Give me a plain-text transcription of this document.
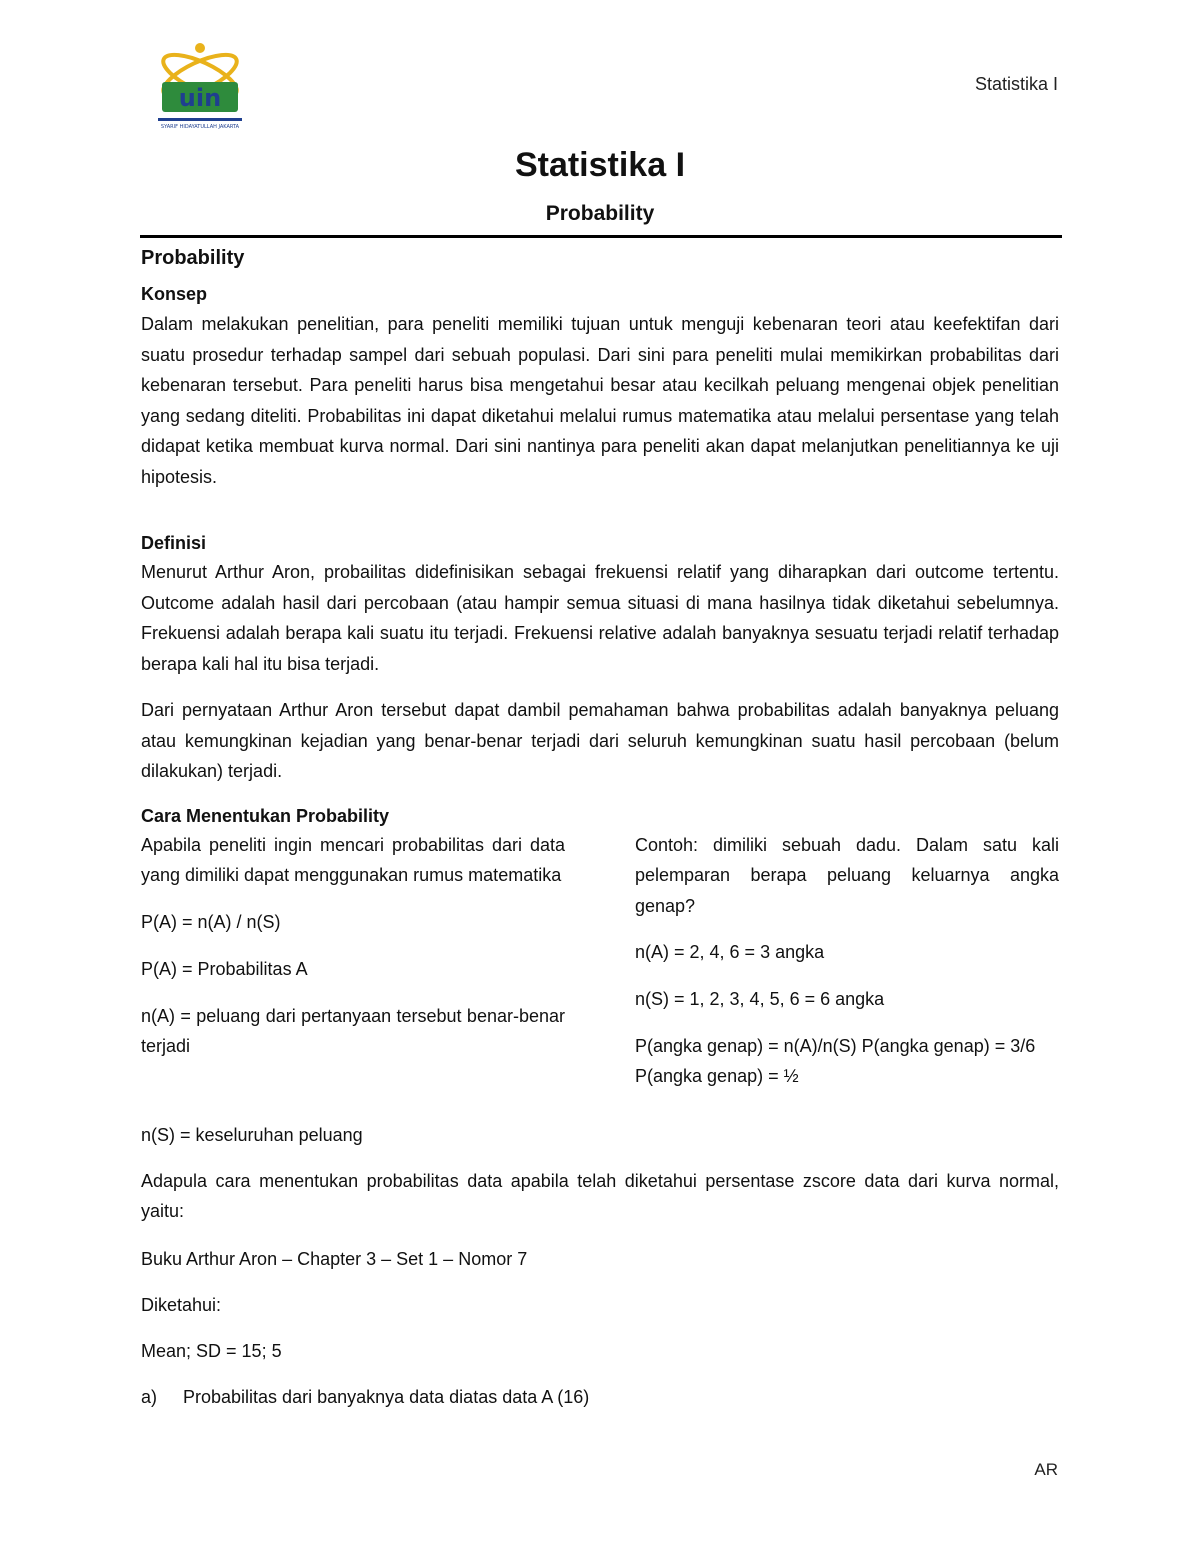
uin
SYARIF HIDAYATULLAH JAKARTA
Statistika I
Statistika I
Probability

Probability

Konsep

Dalam melakukan penelitian, para peneliti memiliki tujuan untuk menguji kebenaran teori atau keefektifan dari suatu prosedur terhadap sampel dari sebuah populasi. Dari sini para peneliti mulai memikirkan probabilitas dari kebenaran tersebut. Para peneliti harus bisa mengetahui besar atau kecilkah peluang mengenai objek penelitian yang sedang diteliti. Probabilitas ini dapat diketahui melalui rumus matematika atau melalui persentase yang telah didapat ketika membuat kurva normal. Dari sini nantinya para peneliti akan dapat melanjutkan penelitiannya ke uji hipotesis.

Definisi

Menurut Arthur Aron, probailitas didefinisikan sebagai frekuensi relatif yang diharapkan dari outcome tertentu. Outcome adalah hasil dari percobaan (atau hampir semua situasi di mana hasilnya tidak diketahui sebelumnya. Frekuensi adalah berapa kali suatu itu terjadi. Frekuensi relative adalah banyaknya sesuatu terjadi relatif terhadap berapa kali hal itu bisa terjadi.

Dari pernyataan Arthur Aron tersebut dapat dambil pemahaman bahwa probabilitas adalah banyaknya peluang atau kemungkinan kejadian yang benar-benar terjadi dari seluruh kemungkinan suatu hasil percobaan (belum dilakukan) terjadi.

Cara Menentukan Probability

Apabila peneliti ingin mencari probabilitas dari data yang dimiliki dapat menggunakan rumus matematika

P(A) = n(A) / n(S)

P(A) = Probabilitas A

n(A) = peluang dari pertanyaan tersebut benar-benar terjadi

Contoh: dimiliki sebuah dadu. Dalam satu kali pelemparan berapa peluang keluarnya angka genap?

n(A) = 2, 4, 6 = 3 angka

n(S) = 1, 2, 3, 4, 5, 6 = 6 angka

P(angka genap) = n(A)/n(S) P(angka genap) = 3/6

P(angka genap) = ½

n(S) = keseluruhan peluang

Adapula cara menentukan probabilitas data apabila telah diketahui persentase zscore data dari kurva normal, yaitu:

Buku Arthur Aron – Chapter 3 – Set 1 – Nomor 7

Diketahui:

Mean; SD = 15; 5

a) Probabilitas dari banyaknya data diatas data A (16)

AR
